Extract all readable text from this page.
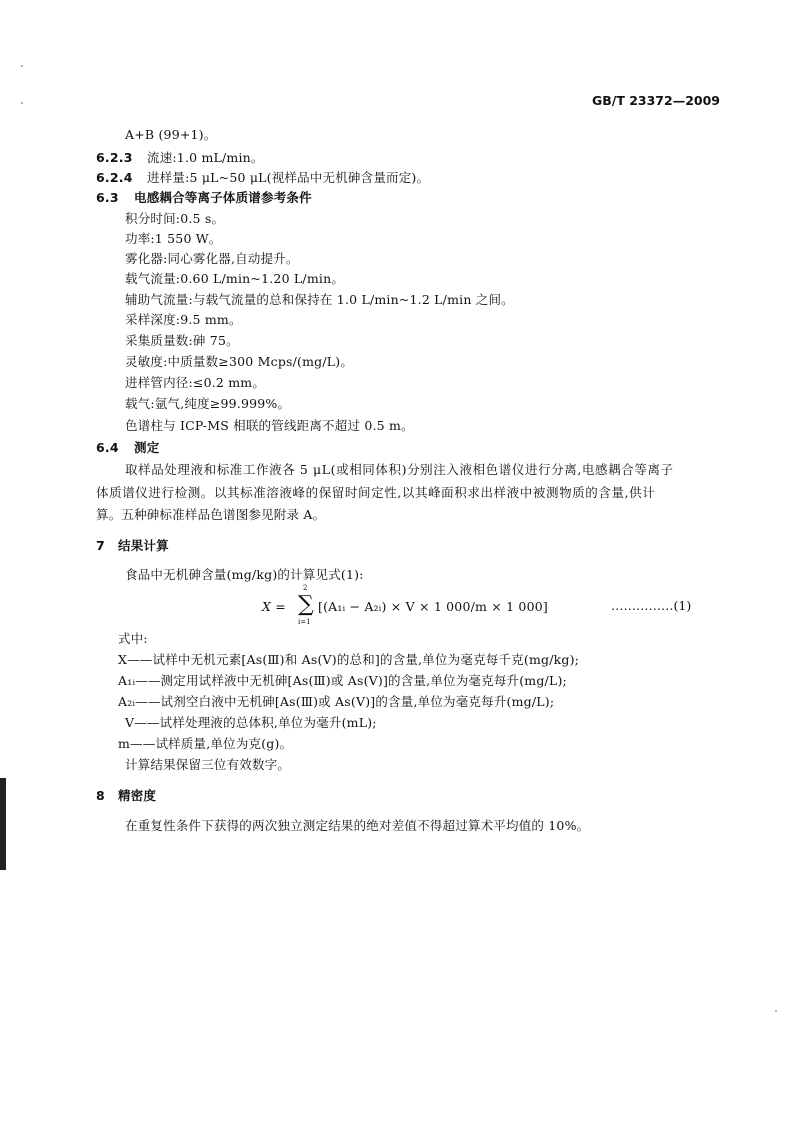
GB/T 23372—2009
A+B (99+1)。
6.2.3 流速:1.0 mL/min。
6.2.4 进样量:5 μL~50 μL(视样品中无机砷含量而定)。
6.3 电感耦合等离子体质谱参考条件
积分时间:0.5 s。
功率:1 550 W。
雾化器:同心雾化器,自动提升。
载气流量:0.60 L/min~1.20 L/min。
辅助气流量:与载气流量的总和保持在 1.0 L/min~1.2 L/min 之间。
采样深度:9.5 mm。
采集质量数:砷 75。
灵敏度:中质量数≥300 Mcps/(mg/L)。
进样管内径:≤0.2 mm。
载气:氩气,纯度≥99.999%。
色谱柱与 ICP-MS 相联的管线距离不超过 0.5 m。
6.4 测定
取样品处理液和标准工作液各 5 μL(或相同体积)分别注入液相色谱仪进行分离,电感耦合等离子
体质谱仪进行检测。以其标准溶液峰的保留时间定性,以其峰面积求出样液中被测物质的含量,供计
算。五种砷标准样品色谱图参见附录 A。
7 结果计算
食品中无机砷含量(mg/kg)的计算见式(1):
X =
2
∑
i=1
[(A₁ᵢ − A₂ᵢ) × V × 1 000/m × 1 000]	……………(1)
式中:
X——试样中无机元素[As(Ⅲ)和 As(Ⅴ)的总和]的含量,单位为毫克每千克(mg/kg);
A₁ᵢ——测定用试样液中无机砷[As(Ⅲ)或 As(Ⅴ)]的含量,单位为毫克每升(mg/L);
A₂ᵢ——试剂空白液中无机砷[As(Ⅲ)或 As(Ⅴ)]的含量,单位为毫克每升(mg/L);
V——试样处理液的总体积,单位为毫升(mL);
m——试样质量,单位为克(g)。
计算结果保留三位有效数字。
8 精密度
在重复性条件下获得的两次独立测定结果的绝对差值不得超过算术平均值的 10%。
